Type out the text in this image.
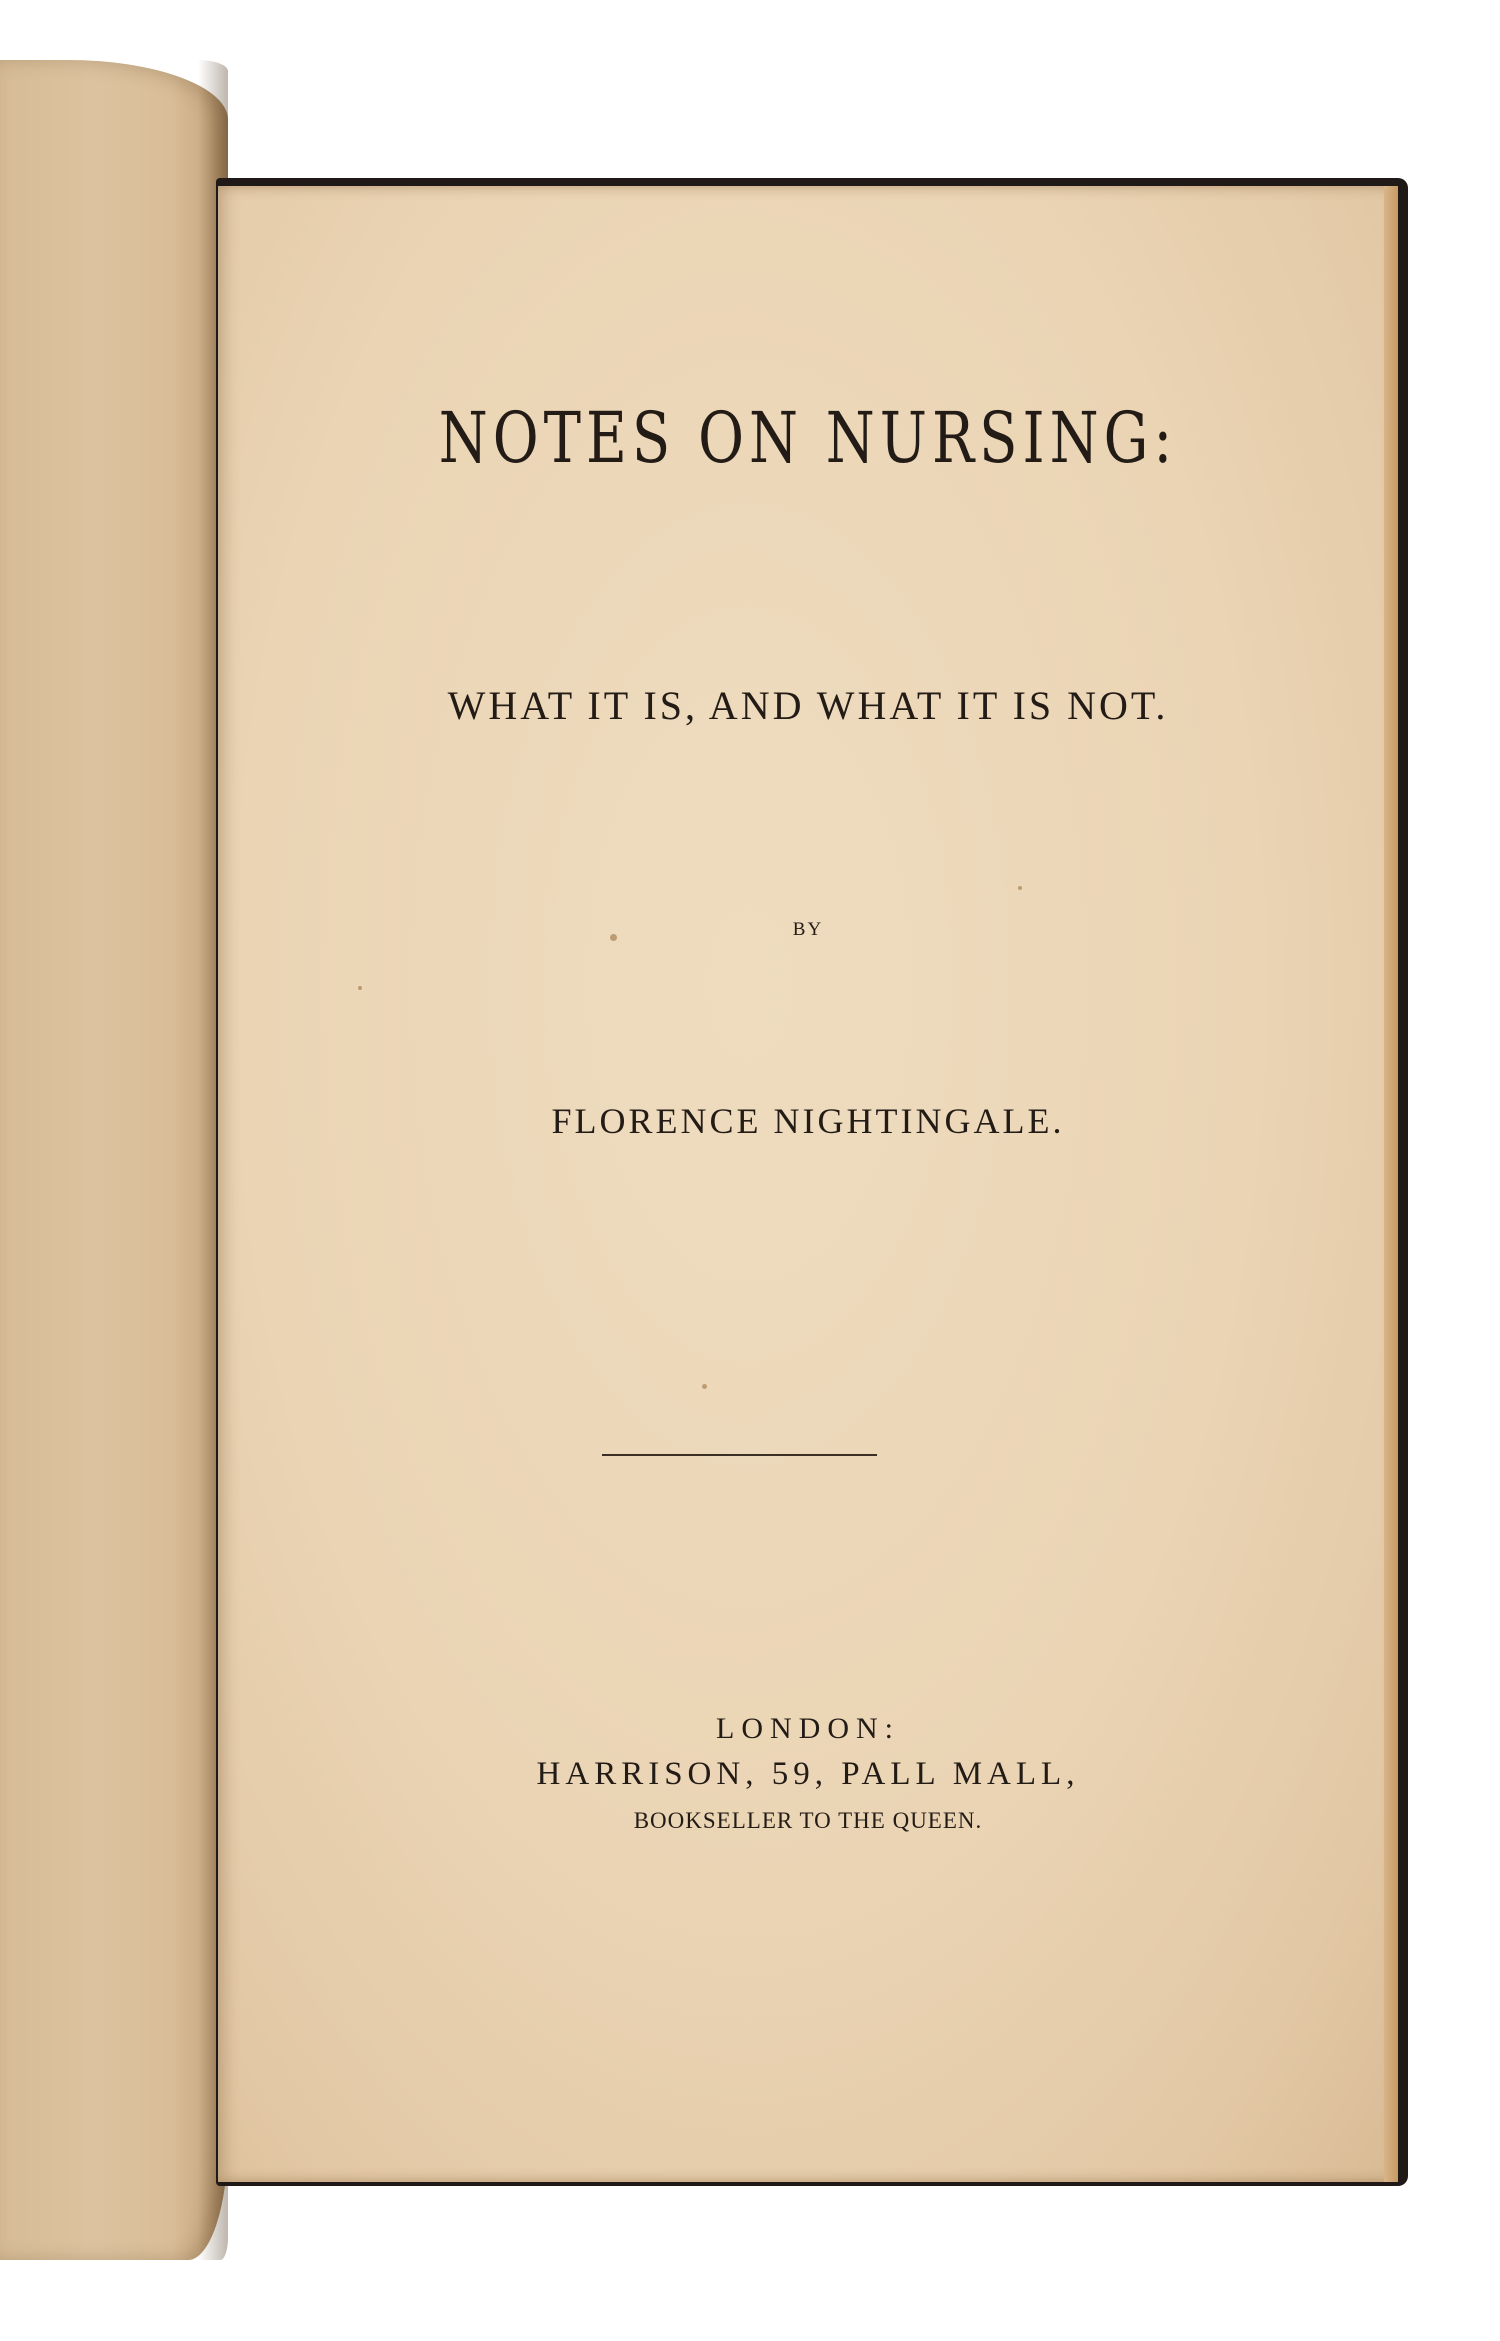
NOTES ON NURSING:
WHAT IT IS, AND WHAT IT IS NOT.
BY
FLORENCE NIGHTINGALE.
LONDON:
HARRISON, 59, PALL MALL,
BOOKSELLER TO THE QUEEN.
